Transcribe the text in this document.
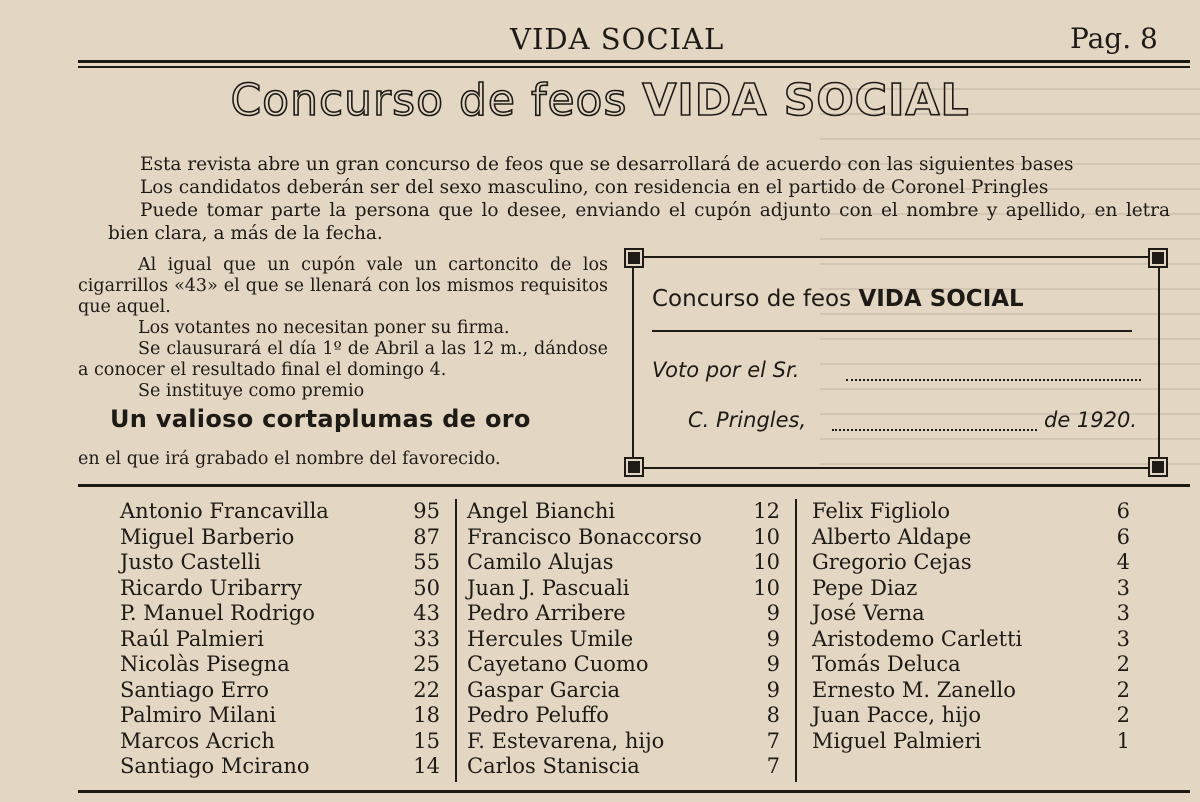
VIDA SOCIAL	Pag. 8
Concurso de feos VIDA SOCIAL

Esta revista abre un gran concurso de feos que se desarrollará de acuerdo con las siguientes bases

Los candidatos deberán ser del sexo masculino, con residencia en el partido de Coronel Pringles

Puede tomar parte la persona que lo desee, enviando el cupón adjunto con el nombre y apellido, en letra bien clara, a más de la fecha.

Al igual que un cupón vale un cartoncito de los cigarrillos «43» el que se llenará con los mismos requisitos que aquel.

Los votantes no necesitan poner su firma.

Se clausurará el día 1º de Abril a las 12 m., dándose a conocer el resultado final el domingo 4.

Se instituye como premio

Un valioso cortaplumas de oro
en el que irá grabado el nombre del favorecido.
Concurso de feos VIDA SOCIAL
Voto por el Sr.
C. Pringles,	de 1920.
Antonio Francavilla	95
Miguel Barberio	87
Justo Castelli	55
Ricardo Uribarry	50
P. Manuel Rodrigo	43
Raúl Palmieri	33
Nicolàs Pisegna	25
Santiago Erro	22
Palmiro Milani	18
Marcos Acrich	15
Santiago Mcirano	14
Angel Bianchi	12
Francisco Bonaccorso	10
Camilo Alujas	10
Juan J. Pascuali	10
Pedro Arribere	9
Hercules Umile	9
Cayetano Cuomo	9
Gaspar Garcia	9
Pedro Peluffo	8
F. Estevarena, hijo	7
Carlos Staniscia	7
Felix Figliolo	6
Alberto Aldape	6
Gregorio Cejas	4
Pepe Diaz	3
José Verna	3
Aristodemo Carletti	3
Tomás Deluca	2
Ernesto M. Zanello	2
Juan Pacce, hijo	2
Miguel Palmieri	1
